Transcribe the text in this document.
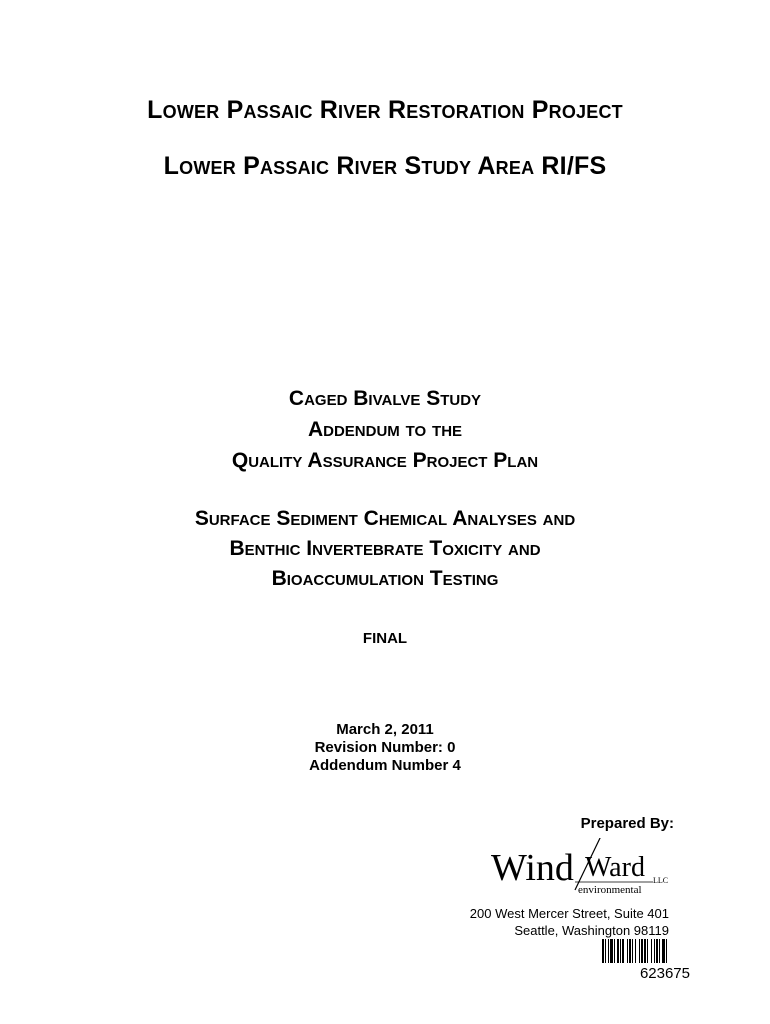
Lower Passaic River Restoration Project
Lower Passaic River Study Area RI/FS
Caged Bivalve Study
Addendum to the
Quality Assurance Project Plan
Surface Sediment Chemical Analyses and
Benthic Invertebrate Toxicity and
Bioaccumulation Testing
FINAL
March 2, 2011
Revision Number: 0
Addendum Number 4
Prepared By:
Wind Ward
environmental
LLC
200 West Mercer Street, Suite 401
Seattle, Washington 98119
623675
